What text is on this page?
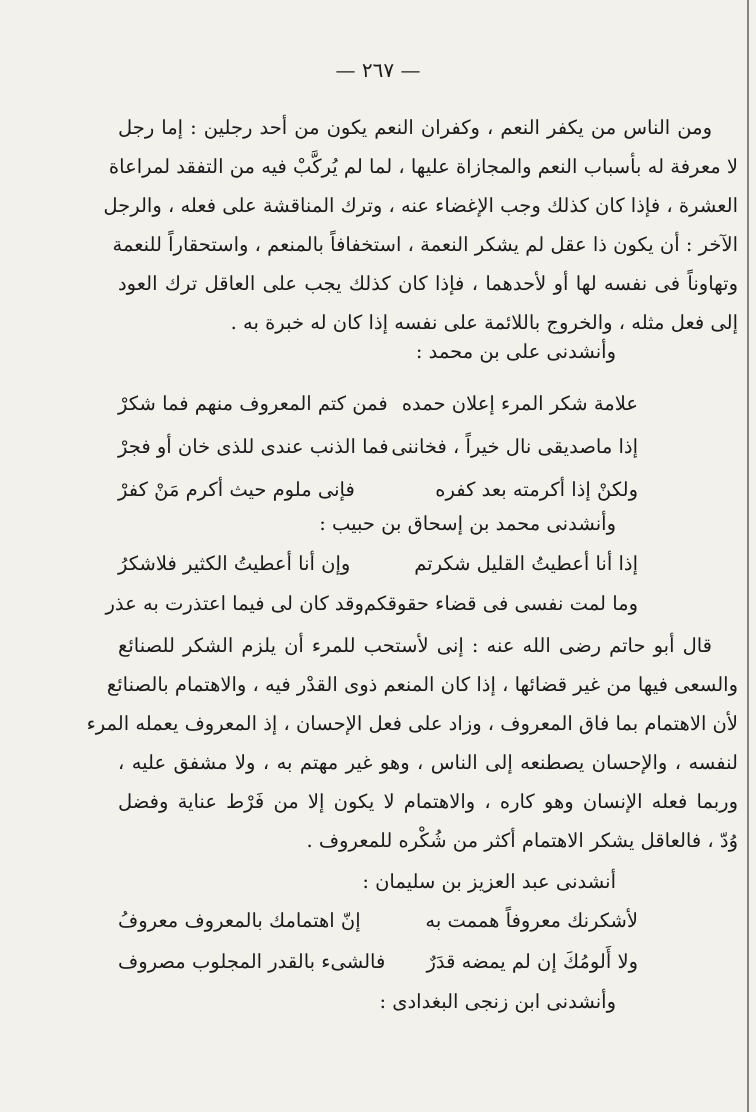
— ٢٦٧ —

ومن الناس من يكفر النعم ، وكفران النعم يكون من أحد رجلين : إما رجل
لا معرفة له بأسباب النعم والمجازاة عليها ، لما لم يُركَّبْ فيه من التفقد لمراعاة
العشرة ، فإذا كان كذلك وجب الإغضاء عنه ، وترك المناقشة على فعله ، والرجل
الآخر : أن يكون ذا عقل لم يشكر النعمة ، استخفافاً بالمنعم ، واستحقاراً للنعمة
وتهاوناً فى نفسه لها أو لأحدهما ، فإذا كان كذلك يجب على العاقل ترك العود
إلى فعل مثله ، والخروج باللائمة على نفسه إذا كان له خبرة به .

وأنشدنى على بن محمد :
علامة شكر المرء إعلان حمده
فمن كتم المعروف منهم فما شكرْ
إذا ماصديقى نال خيراً ، فخاننى
فما الذنب عندى للذى خان أو فجرْ
ولكنْ إذا أكرمته بعد كفره
فإنى ملوم حيث أكرم مَنْ كفرْ
وأنشدنى محمد بن إسحاق بن حبيب :
إذا أنا أعطيتُ القليل شكرتم
وإن أنا أعطيتُ الكثير فلاشكرُ
وما لمت نفسى فى قضاء حقوقكم
وقد كان لى فيما اعتذرت به عذر

قال أبو حاتم رضى الله عنه : إنى لأستحب للمرء أن يلزم الشكر للصنائع
والسعى فيها من غير قضائها ، إذا كان المنعم ذوى القدْر فيه ، والاهتمام بالصنائع
لأن الاهتمام بما فاق المعروف ، وزاد على فعل الإحسان ، إذ المعروف يعمله المرء
لنفسه ، والإحسان يصطنعه إلى الناس ، وهو غير مهتم به ، ولا مشفق عليه ،
وربما فعله الإنسان وهو كاره ، والاهتمام لا يكون إلا من فَرْط عناية وفضل
وُدّ ، فالعاقل يشكر الاهتمام أكثر من شُكْره للمعروف .

أنشدنى عبد العزيز بن سليمان :
لأشكرنك معروفاً هممت به
إنّ اهتمامك بالمعروف معروفُ
ولا أَلومُكَ إن لم يمضه قدَرٌ
فالشىء بالقدر المجلوب مصروف
وأنشدنى ابن زنجى البغدادى :
